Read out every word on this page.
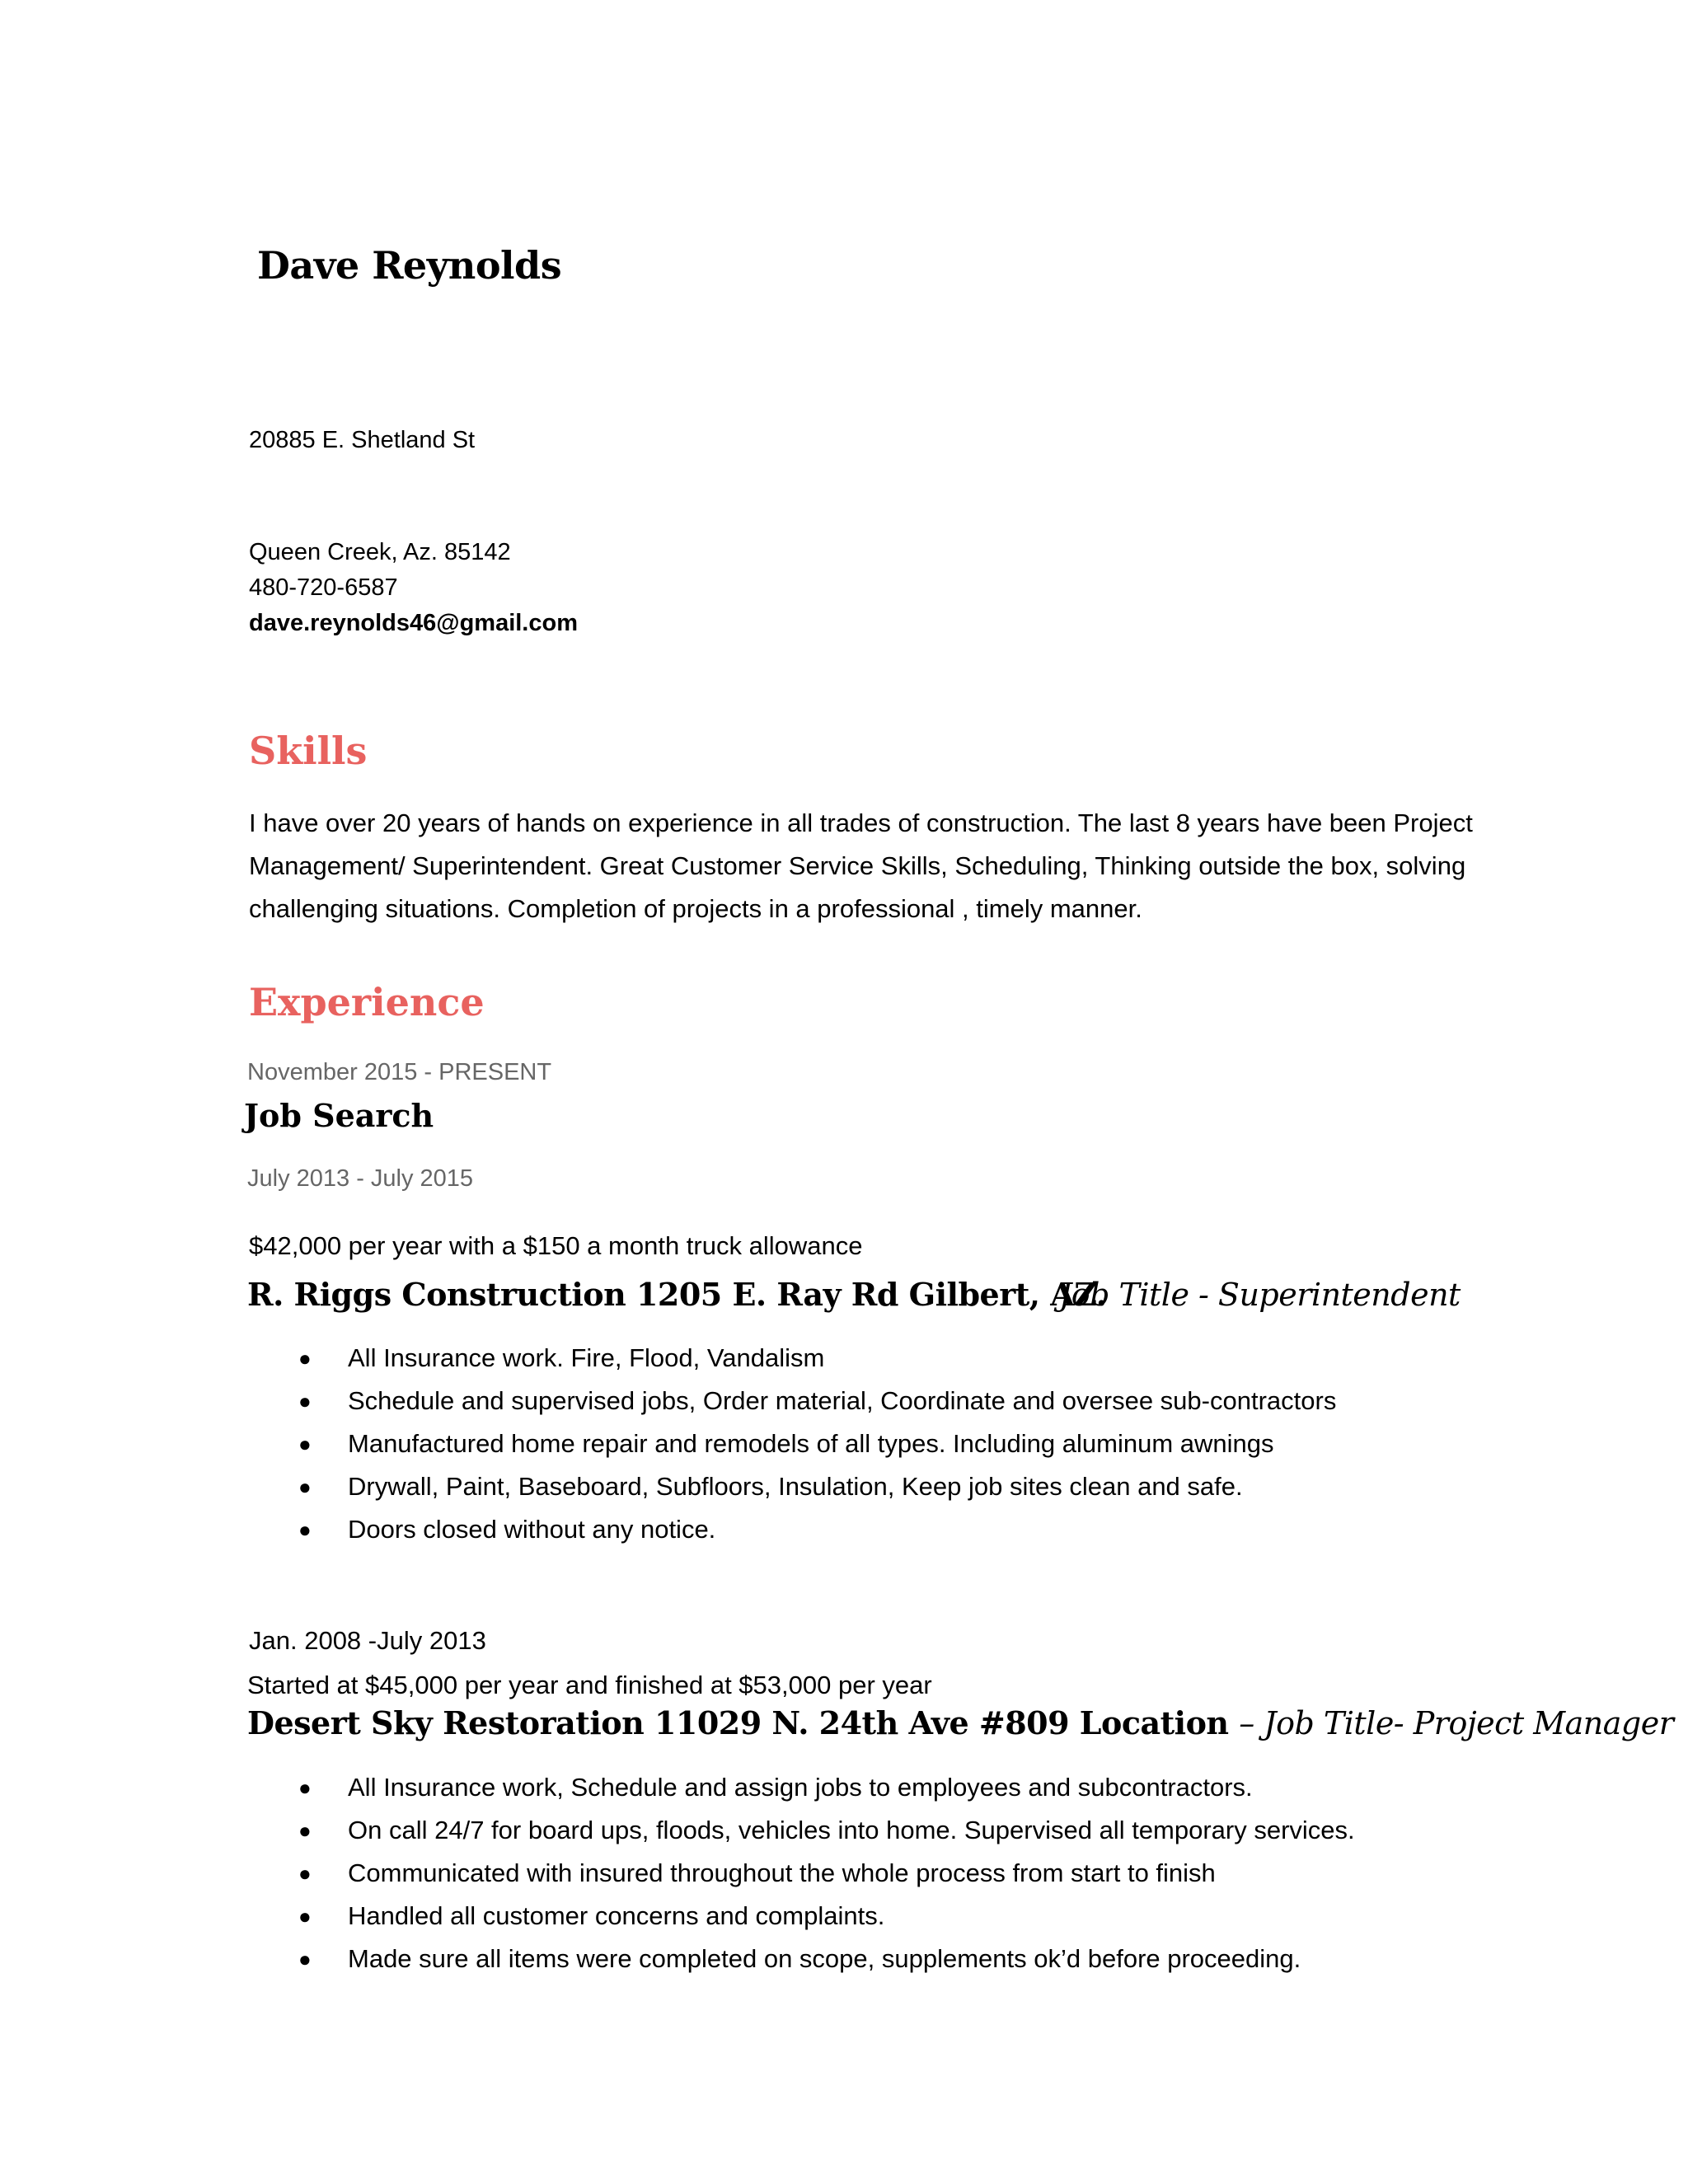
Dave Reynolds
20885 E. Shetland St
Queen Creek, Az. 85142
480-720-6587
dave.reynolds46@gmail.com
Skills
I have over 20 years of hands on experience in all trades of construction. The last 8 years have been Project Management/ Superintendent. Great Customer Service Skills, Scheduling, Thinking outside the box, solving challenging situations. Completion of projects in a professional , timely manner.
Experience
November 2015 - PRESENT
Job Search
July 2013 - July 2015
$42,000 per year with a $150 a month truck allowance
R. Riggs Construction 1205 E. Ray Rd Gilbert, AZ.
Job Title - Superintendent
● All Insurance work. Fire, Flood, Vandalism
● Schedule and supervised jobs, Order material, Coordinate and oversee sub-contractors
● Manufactured home repair and remodels of all types. Including aluminum awnings
● Drywall, Paint, Baseboard, Subfloors, Insulation, Keep job sites clean and safe.
● Doors closed without any notice.
Jan. 2008 -July 2013
Started at $45,000 per year and finished at $53,000 per year
Desert Sky Restoration 11029 N. 24th Ave #809 Location – Job Title- Project Manager
● All Insurance work, Schedule and assign jobs to employees and subcontractors.
● On call 24/7 for board ups, floods, vehicles into home. Supervised all temporary services.
● Communicated with insured throughout the whole process from start to finish
● Handled all customer concerns and complaints.
● Made sure all items were completed on scope, supplements ok’d before proceeding.
